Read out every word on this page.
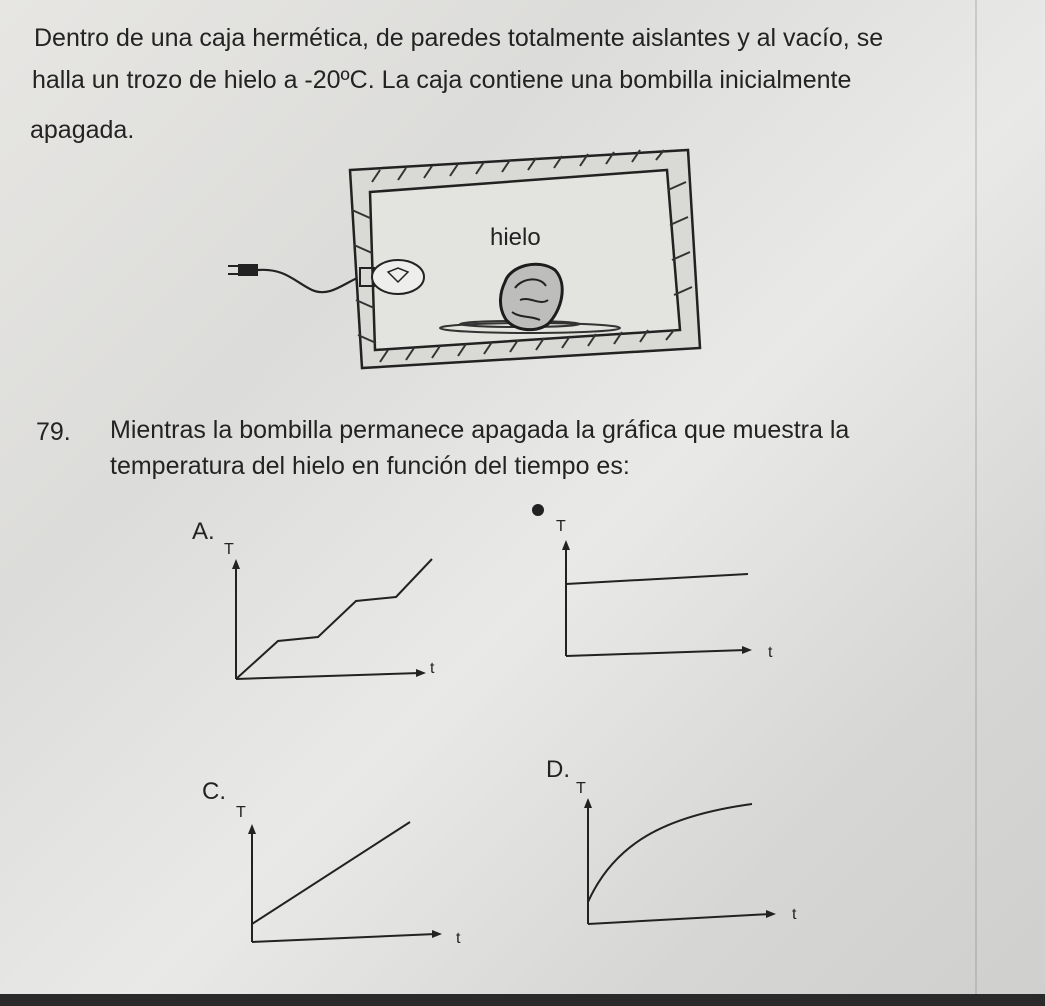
Dentro de una caja hermética, de paredes totalmente aislantes y al vacío, se
halla un trozo de hielo a -20ºC. La caja contiene una bombilla inicialmente
apagada.
hielo
79. Mientras la bombilla permanece apagada la gráfica que muestra la
temperatura del hielo en función del tiempo es:
A.
T
t
T
t
C.
T
t
D.
T
t
